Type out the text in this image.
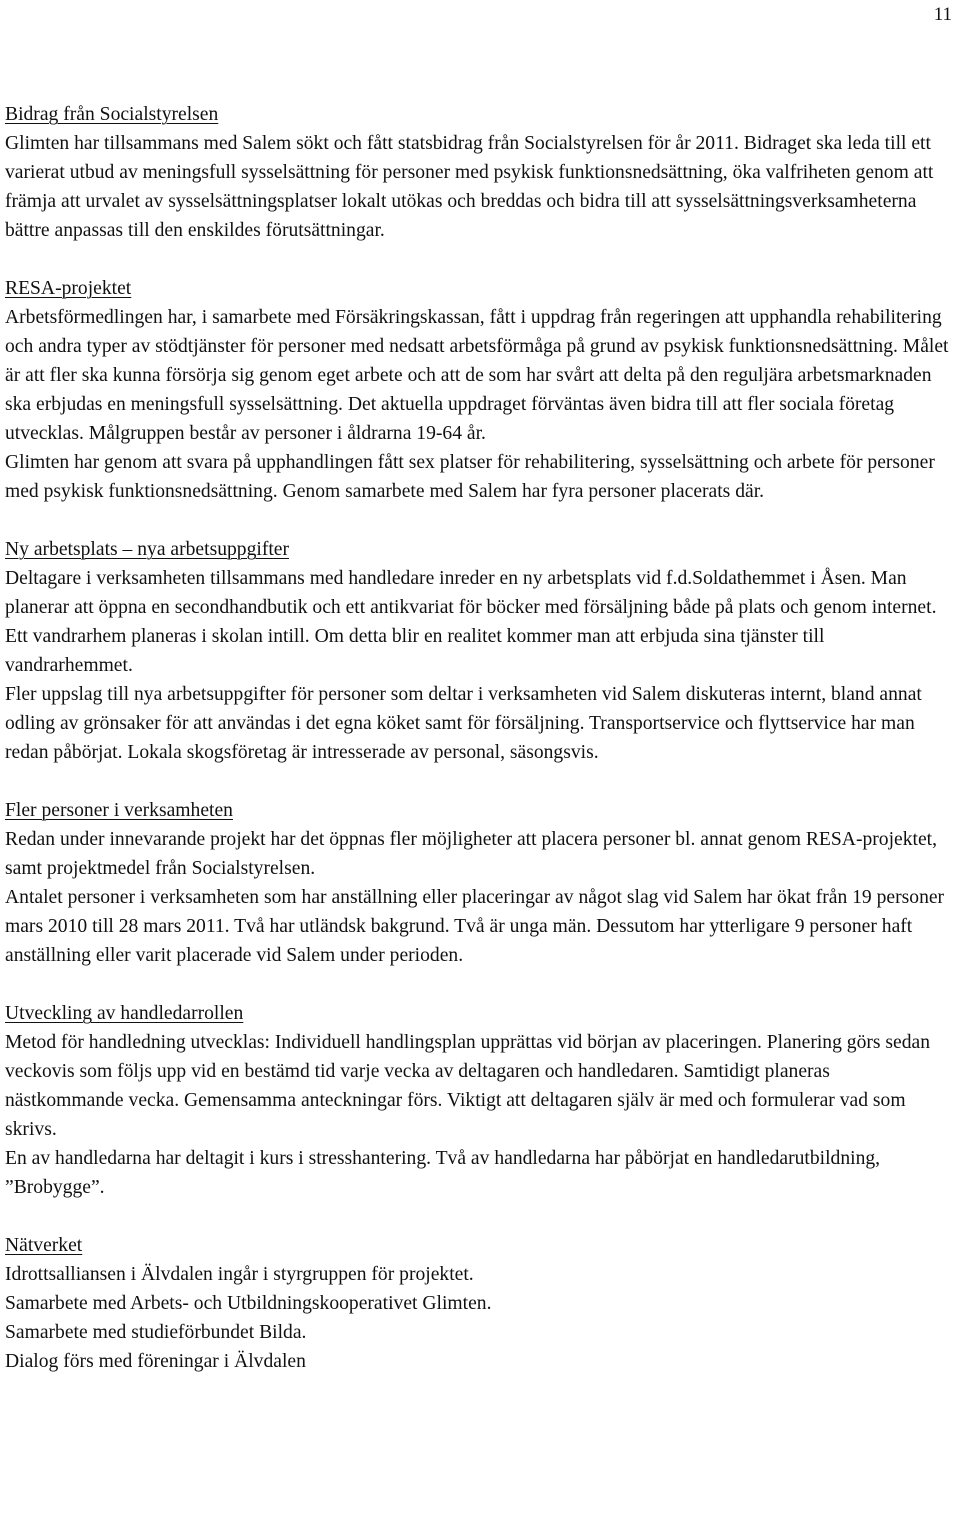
11
Bidrag från Socialstyrelsen

Glimten har tillsammans med Salem sökt och fått statsbidrag från Socialstyrelsen för år 2011. Bidraget ska leda till ett varierat utbud av meningsfull sysselsättning för personer med psykisk funktionsnedsättning, öka valfriheten genom att främja att urvalet av sysselsättningsplatser lokalt utökas och breddas och bidra till att sysselsättningsverksamheterna bättre anpassas till den enskildes förutsättningar.

RESA-projektet

Arbetsförmedlingen har, i samarbete med Försäkringskassan, fått i uppdrag från regeringen att upphandla rehabilitering och andra typer av stödtjänster för personer med nedsatt arbetsförmåga på grund av psykisk funktionsnedsättning. Målet är att fler ska kunna försörja sig genom eget arbete och att de som har svårt att delta på den reguljära arbetsmarknaden ska erbjudas en meningsfull sysselsättning. Det aktuella uppdraget förväntas även bidra till att fler sociala företag utvecklas. Målgruppen består av personer i åldrarna 19-64 år.

Glimten har genom att svara på upphandlingen fått sex platser för rehabilitering, sysselsättning och arbete för personer med psykisk funktionsnedsättning. Genom samarbete med Salem har fyra personer placerats där.

Ny arbetsplats – nya arbetsuppgifter

Deltagare i verksamheten tillsammans med handledare inreder en ny arbetsplats vid f.d.Soldathemmet i Åsen. Man planerar att öppna en secondhandbutik och ett antikvariat för böcker med försäljning både på plats och genom internet. Ett vandrarhem planeras i skolan intill. Om detta blir en realitet kommer man att erbjuda sina tjänster till vandrarhemmet.

Fler uppslag till nya arbetsuppgifter för personer som deltar i verksamheten vid Salem diskuteras internt, bland annat odling av grönsaker för att användas i det egna köket samt för försäljning. Transportservice och flyttservice har man redan påbörjat. Lokala skogsföretag är intresserade av personal, säsongsvis.

Fler personer i verksamheten

Redan under innevarande projekt har det öppnas fler möjligheter att placera personer bl. annat genom RESA-projektet, samt projektmedel från Socialstyrelsen.

Antalet personer i verksamheten som har anställning eller placeringar av något slag vid Salem har ökat från 19 personer mars 2010 till 28 mars 2011. Två har utländsk bakgrund. Två är unga män. Dessutom har ytterligare 9 personer haft anställning eller varit placerade vid Salem under perioden.

Utveckling av handledarrollen

Metod för handledning utvecklas: Individuell handlingsplan upprättas vid början av placeringen. Planering görs sedan veckovis som följs upp vid en bestämd tid varje vecka av deltagaren och handledaren. Samtidigt planeras nästkommande vecka. Gemensamma anteckningar förs. Viktigt att deltagaren själv är med och formulerar vad som skrivs.

En av handledarna har deltagit i kurs i stresshantering. Två av handledarna har påbörjat en handledarutbildning, ”Brobygge”.

Nätverket
Idrottsalliansen i Älvdalen ingår i styrgruppen för projektet.
Samarbete med Arbets- och Utbildningskooperativet Glimten.
Samarbete med studieförbundet Bilda.
Dialog förs med föreningar i Älvdalen
